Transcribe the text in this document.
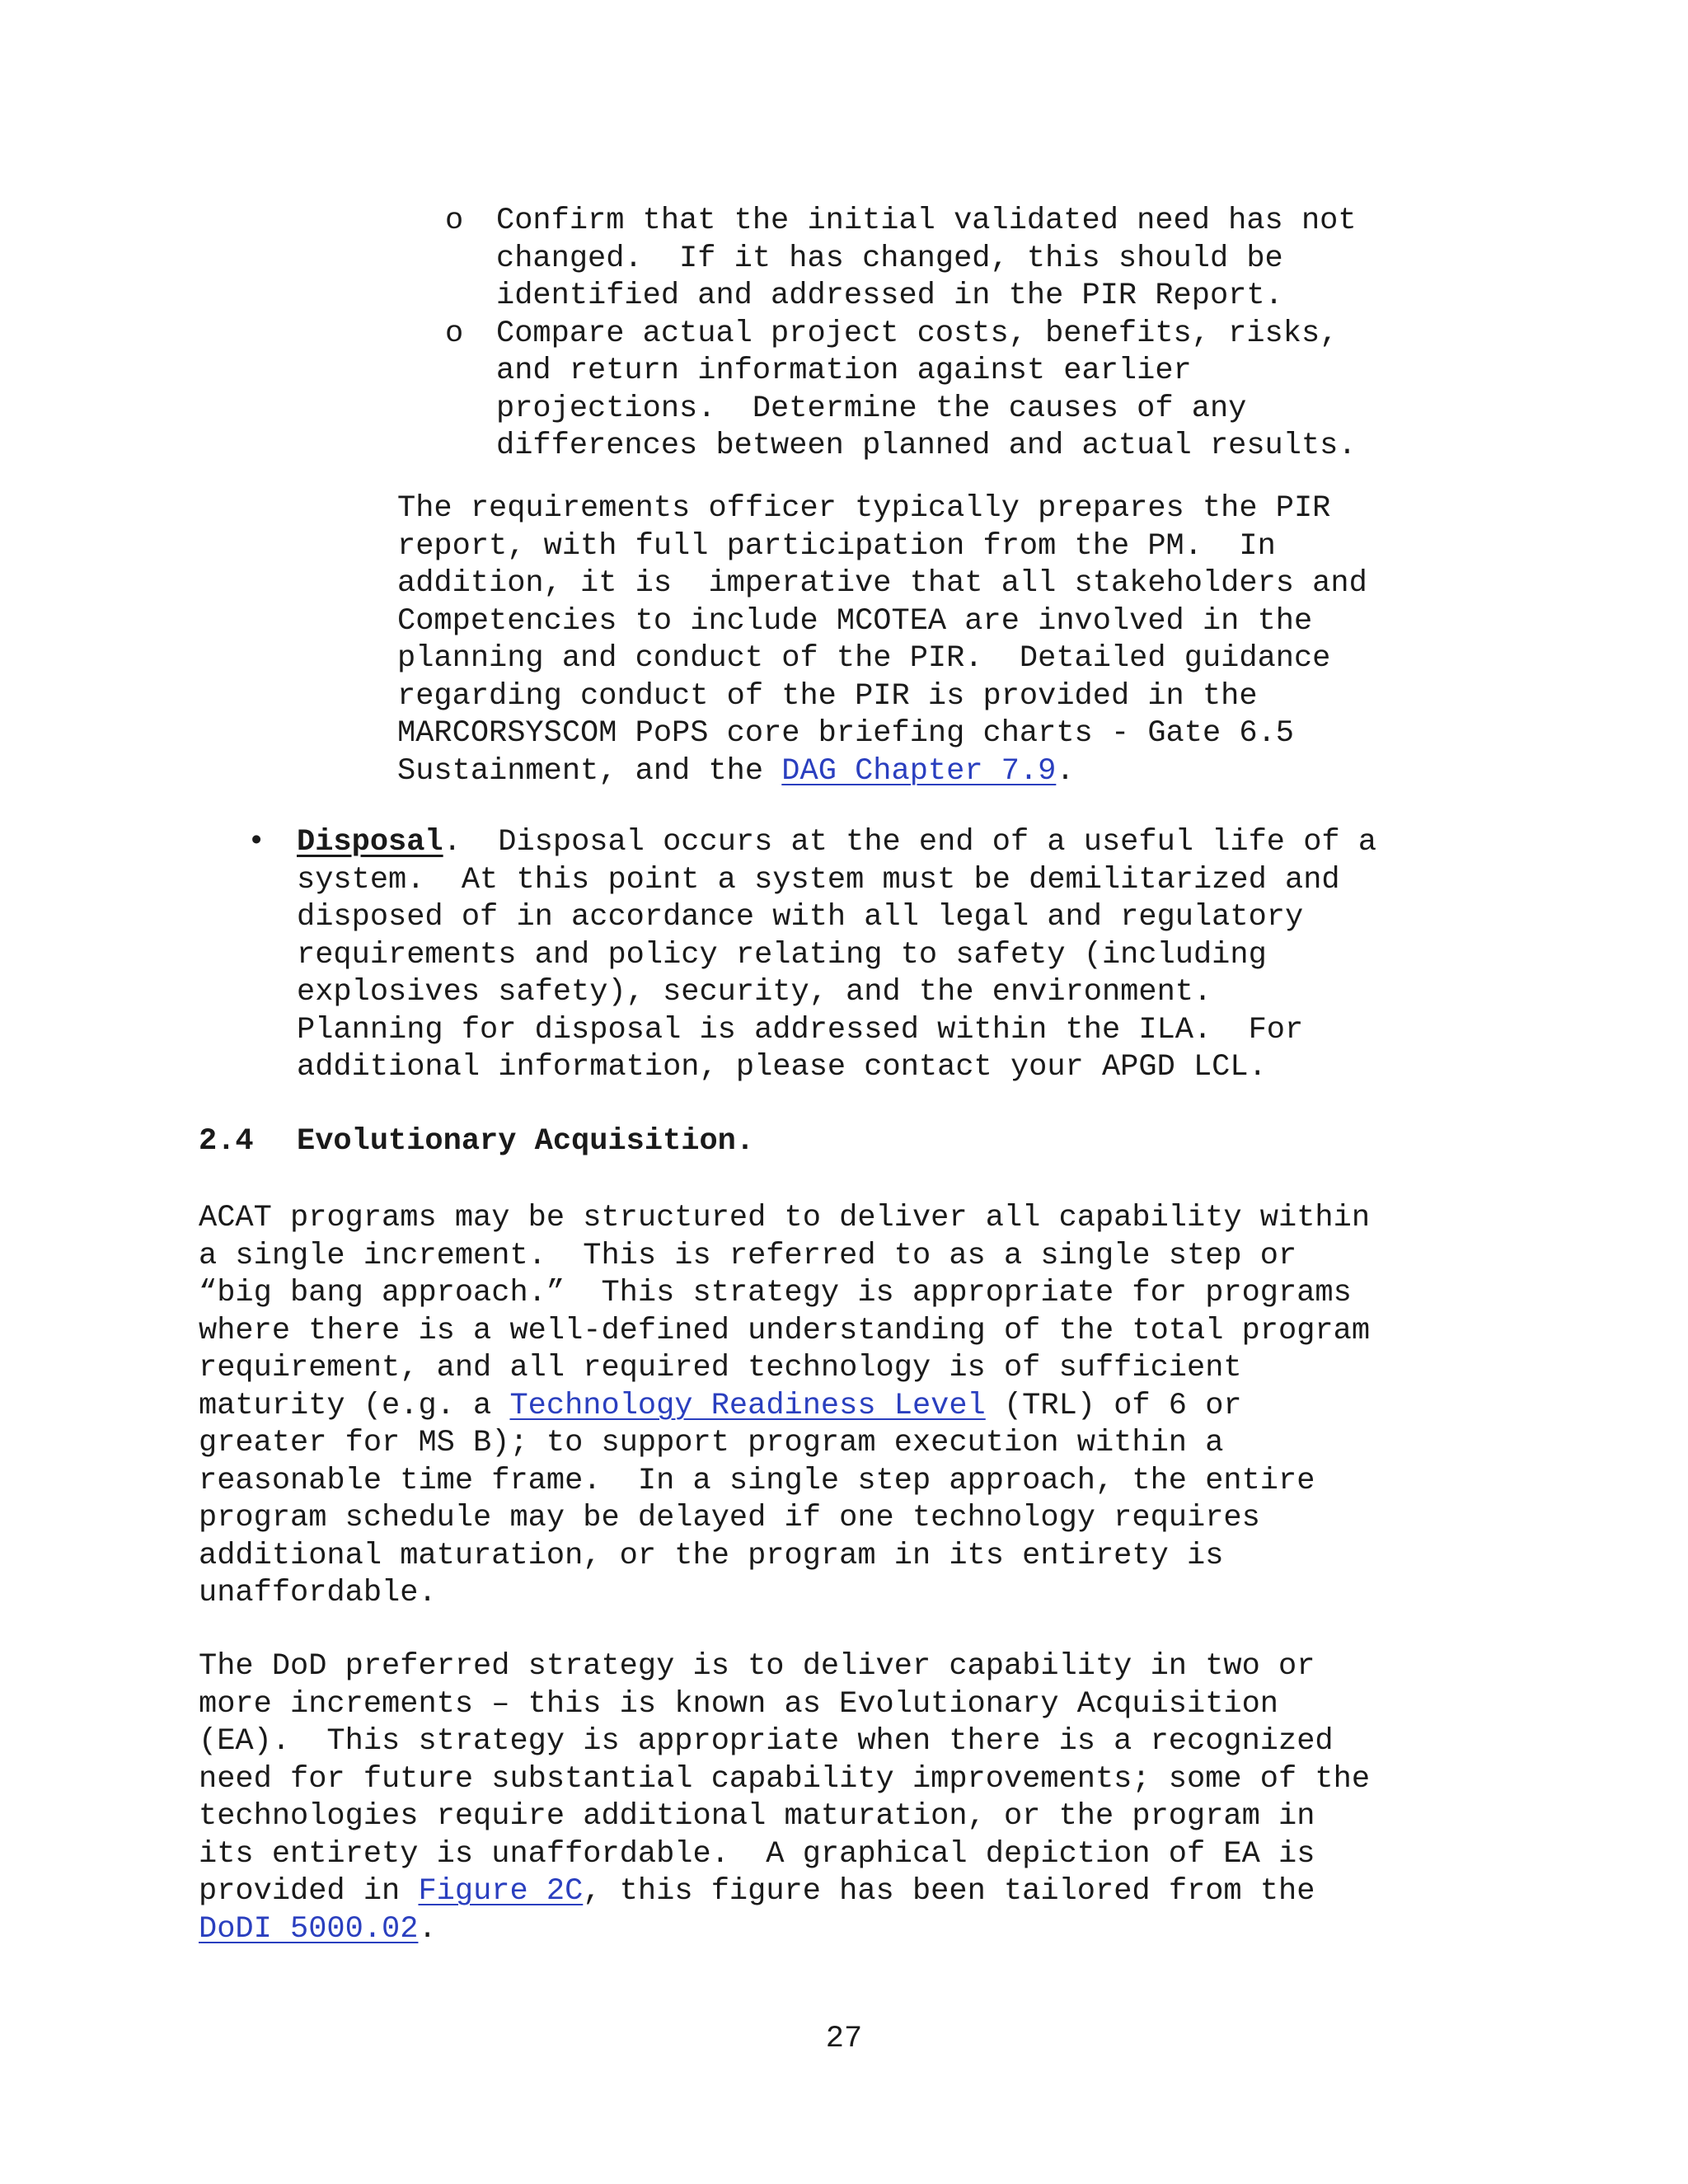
o Confirm that the initial validated need has not
changed.  If it has changed, this should be
identified and addressed in the PIR Report.
o Compare actual project costs, benefits, risks,
and return information against earlier
projections.  Determine the causes of any
differences between planned and actual results.
The requirements officer typically prepares the PIR
report, with full participation from the PM.  In
addition, it is  imperative that all stakeholders and
Competencies to include MCOTEA are involved in the
planning and conduct of the PIR.  Detailed guidance
regarding conduct of the PIR is provided in the
MARCORSYSCOM PoPS core briefing charts - Gate 6.5
Sustainment, and the DAG Chapter 7.9.
• Disposal.  Disposal occurs at the end of a useful life of a
system.  At this point a system must be demilitarized and
disposed of in accordance with all legal and regulatory
requirements and policy relating to safety (including
explosives safety), security, and the environment.
Planning for disposal is addressed within the ILA.  For
additional information, please contact your APGD LCL.
2.4 Evolutionary Acquisition.
ACAT programs may be structured to deliver all capability within
a single increment.  This is referred to as a single step or
“big bang approach.”  This strategy is appropriate for programs
where there is a well-defined understanding of the total program
requirement, and all required technology is of sufficient
maturity (e.g. a Technology Readiness Level (TRL) of 6 or
greater for MS B); to support program execution within a
reasonable time frame.  In a single step approach, the entire
program schedule may be delayed if one technology requires
additional maturation, or the program in its entirety is
unaffordable.
The DoD preferred strategy is to deliver capability in two or
more increments – this is known as Evolutionary Acquisition
(EA).  This strategy is appropriate when there is a recognized
need for future substantial capability improvements; some of the
technologies require additional maturation, or the program in
its entirety is unaffordable.  A graphical depiction of EA is
provided in Figure 2C, this figure has been tailored from the
DoDI 5000.02.
27
